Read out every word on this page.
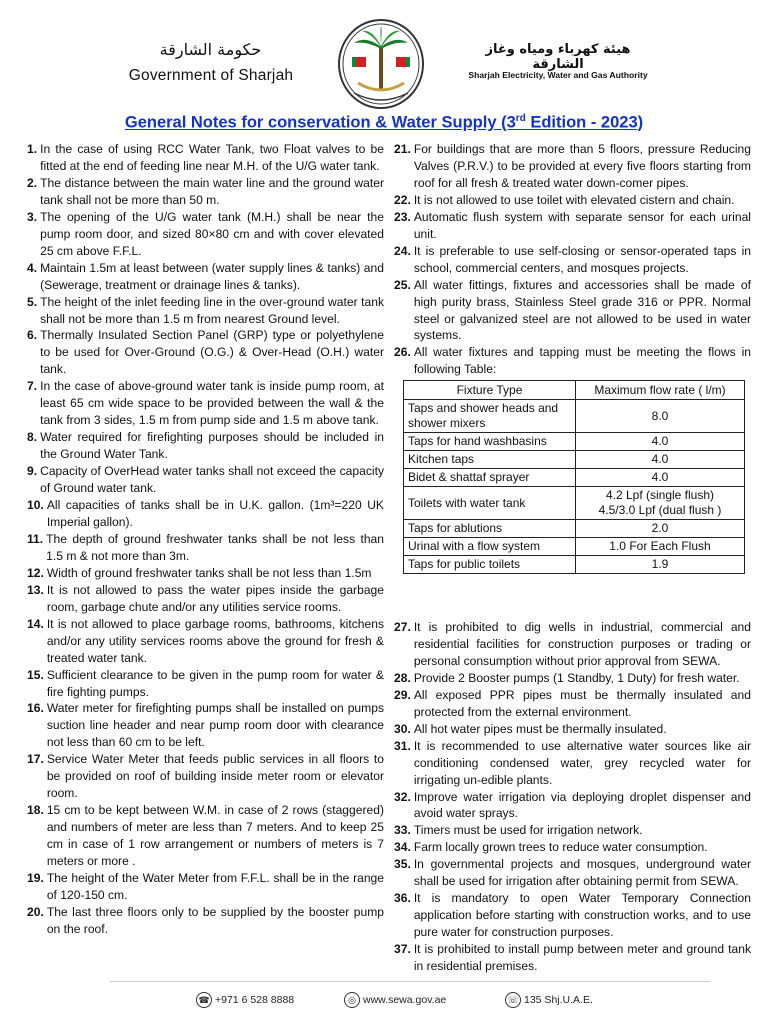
حكومة الشارقة
Government of Sharjah
هيئة كهرباء ومياه وغاز الشارقة
Sharjah Electricity, Water and Gas Authority
General Notes for conservation & Water Supply (3rd Edition - 2023)
1. In the case of using RCC Water Tank, two Float valves to be fitted at the end of feeding line near M.H. of the U/G water tank.
2. The distance between the main water line and the ground water tank shall not be more than 50 m.
3. The opening of the U/G water tank (M.H.) shall be near the pump room door, and sized 80×80 cm and with cover elevated 25 cm above F.F.L.
4. Maintain 1.5m at least between (water supply lines & tanks) and (Sewerage, treatment or drainage lines & tanks).
5. The height of the inlet feeding line in the over-ground water tank shall not be more than 1.5 m from nearest Ground level.
6. Thermally Insulated Section Panel (GRP) type or polyethylene to be used for Over-Ground (O.G.) & Over-Head (O.H.) water tank.
7. In the case of above-ground water tank is inside pump room, at least 65 cm wide space to be provided between the wall & the tank from 3 sides, 1.5 m from pump side and 1.5 m above tank.
8. Water required for firefighting purposes should be included in the Ground Water Tank.
9. Capacity of OverHead water tanks shall not exceed the capacity of Ground water tank.
10. All capacities of tanks shall be in U.K. gallon. (1m³=220 UK Imperial gallon).
11. The depth of ground freshwater tanks shall be not less than 1.5 m & not more than 3m.
12. Width of ground freshwater tanks shall be not less than 1.5m
13. It is not allowed to pass the water pipes inside the garbage room, garbage chute and/or any utilities service rooms.
14. It is not allowed to place garbage rooms, bathrooms, kitchens and/or any utility services rooms above the ground for fresh & treated water tank.
15. Sufficient clearance to be given in the pump room for water & fire fighting pumps.
16. Water meter for firefighting pumps shall be installed on pumps suction line header and near pump room door with clearance not less than 60 cm to be left.
17. Service Water Meter that feeds public services in all floors to be provided on roof of building inside meter room or elevator room.
18. 15 cm to be kept between W.M. in case of 2 rows (staggered) and numbers of meter are less than 7 meters. And to keep 25 cm in case of 1 row arrangement or numbers of meters is 7 meters or more .
19. The height of the Water Meter from F.F.L. shall be in the range of 120-150 cm.
20. The last three floors only to be supplied by the booster pump on the roof.
21. For buildings that are more than 5 floors, pressure Reducing Valves (P.R.V.) to be provided at every five floors starting from roof for all fresh & treated water down-comer pipes.
22. It is not allowed to use toilet with elevated cistern and chain.
23. Automatic flush system with separate sensor for each urinal unit.
24. It is preferable to use self-closing or sensor-operated taps in school, commercial centers, and mosques projects.
25. All water fittings, fixtures and accessories shall be made of high purity brass, Stainless Steel grade 316 or PPR. Normal steel or galvanized steel are not allowed to be used in water systems.
26. All water fixtures and tapping must be meeting the flows in following Table:
Fixture Type	Maximum flow rate ( l/m)
Taps and shower heads and shower mixers	8.0

Taps for hand washbasins	4.0

Kitchen taps	4.0

Bidet & shattaf sprayer	4.0

Toilets with water tank	4.2 Lpf (single flush)
4.5/3.0 Lpf (dual flush )

Taps for ablutions	2.0

Urinal with a flow system	1.0 For Each Flush

Taps for public toilets	1.9
27. It is prohibited to dig wells in industrial, commercial and residential facilities for construction purposes or trading or personal consumption without prior approval from SEWA.
28. Provide 2 Booster pumps (1 Standby, 1 Duty) for fresh water.
29. All exposed PPR pipes must be thermally insulated and protected from the external environment.
30. All hot water pipes must be thermally insulated.
31. It is recommended to use alternative water sources like air conditioning condensed water, grey recycled water for irrigating un-edible plants.
32. Improve water irrigation via deploying droplet dispenser and avoid water sprays.
33. Timers must be used for irrigation network.
34. Farm locally grown trees to reduce water consumption.
35. In governmental projects and mosques, underground water shall be used for irrigation after obtaining permit from SEWA.
36. It is mandatory to open Water Temporary Connection application before starting with construction works, and to use pure water for construction purposes.
37. It is prohibited to install pump between meter and ground tank in residential premises.
☎ +971 6 528 8888	◎ www.sewa.gov.ae	☏ 135 Shj.U.A.E.
